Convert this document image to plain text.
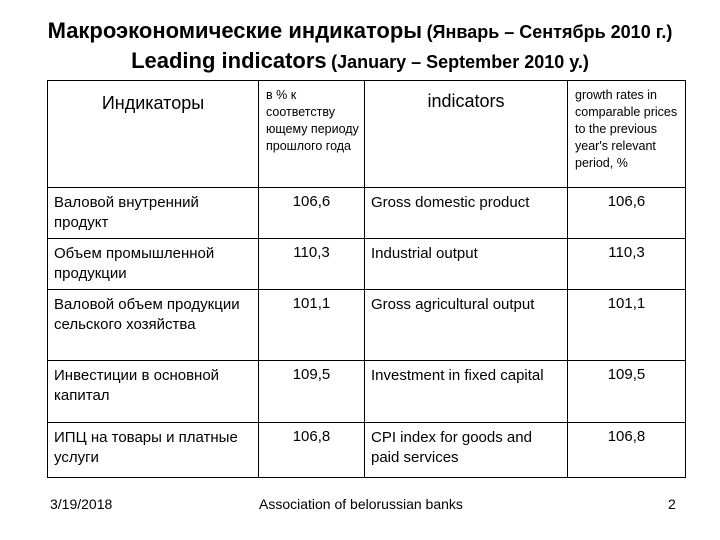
Макроэкономические индикаторы (Январь – Сентябрь 2010 г.)
Leading indicators (January – September 2010 y.)
Индикаторы	в % к соответству ющему периоду прошлого года	indicators	growth rates in comparable prices to the previous year's relevant period, %
Валовой внутренний продукт	106,6	Gross domestic product	106,6
Объем промышленной продукции	110,3	Industrial output	110,3
Валовой объем продукции сельского хозяйства	101,1	Gross agricultural output	101,1
Инвестиции в основной капитал	109,5	Investment in fixed capital	109,5
ИПЦ на товары и платные услуги	106,8	CPI index for goods and paid services	106,8
3/19/2018	Association of belorussian banks	2
